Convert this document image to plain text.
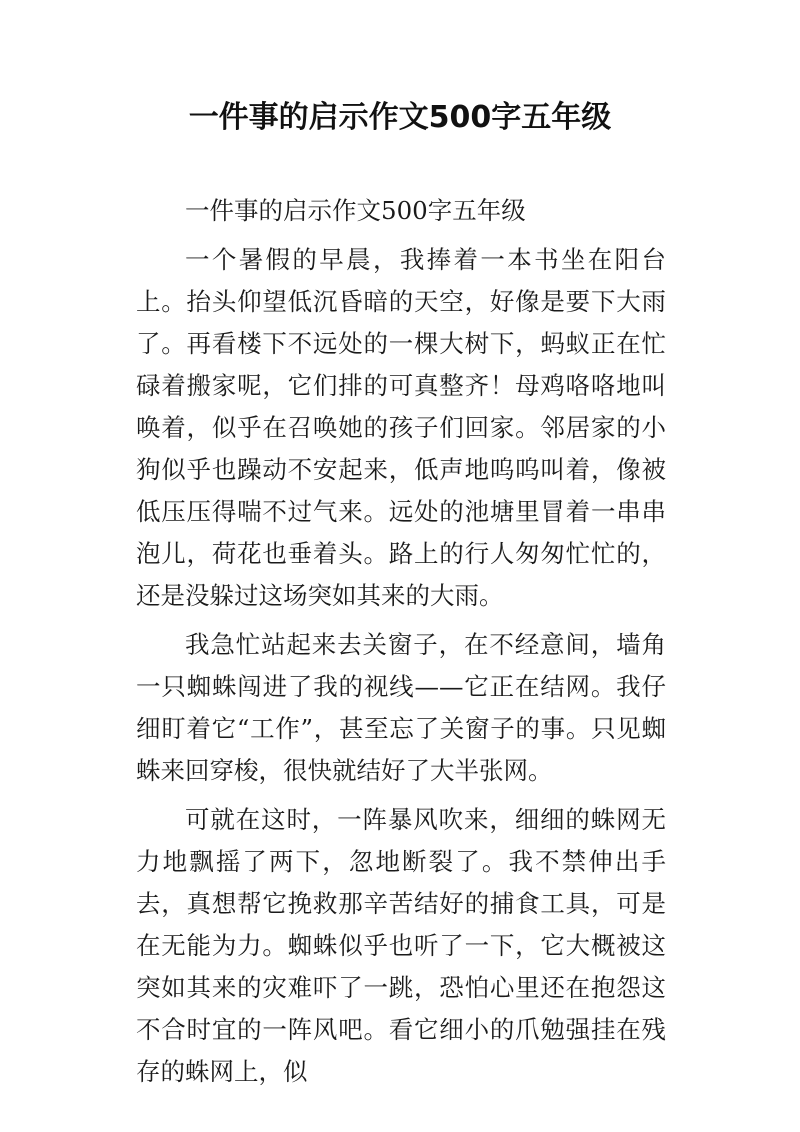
一件事的启示作文500字五年级

一件事的启示作文500字五年级

一个暑假的早晨，我捧着一本书坐在阳台上。抬头仰望低沉昏暗的天空，好像是要下大雨了。再看楼下不远处的一棵大树下，蚂蚁正在忙碌着搬家呢，它们排的可真整齐！母鸡咯咯地叫唤着，似乎在召唤她的孩子们回家。邻居家的小狗似乎也躁动不安起来，低声地呜呜叫着，像被低压压得喘不过气来。远处的池塘里冒着一串串泡儿，荷花也垂着头。路上的行人匆匆忙忙的，还是没躲过这场突如其来的大雨。

我急忙站起来去关窗子，在不经意间，墙角一只蜘蛛闯进了我的视线——它正在结网。我仔细盯着它“工作”，甚至忘了关窗子的事。只见蜘蛛来回穿梭，很快就结好了大半张网。

可就在这时，一阵暴风吹来，细细的蛛网无力地飘摇了两下，忽地断裂了。我不禁伸出手去，真想帮它挽救那辛苦结好的捕食工具，可是在无能为力。蜘蛛似乎也听了一下，它大概被这突如其来的灾难吓了一跳，恐怕心里还在抱怨这不合时宜的一阵风吧。看它细小的爪勉强挂在残存的蛛网上，似
